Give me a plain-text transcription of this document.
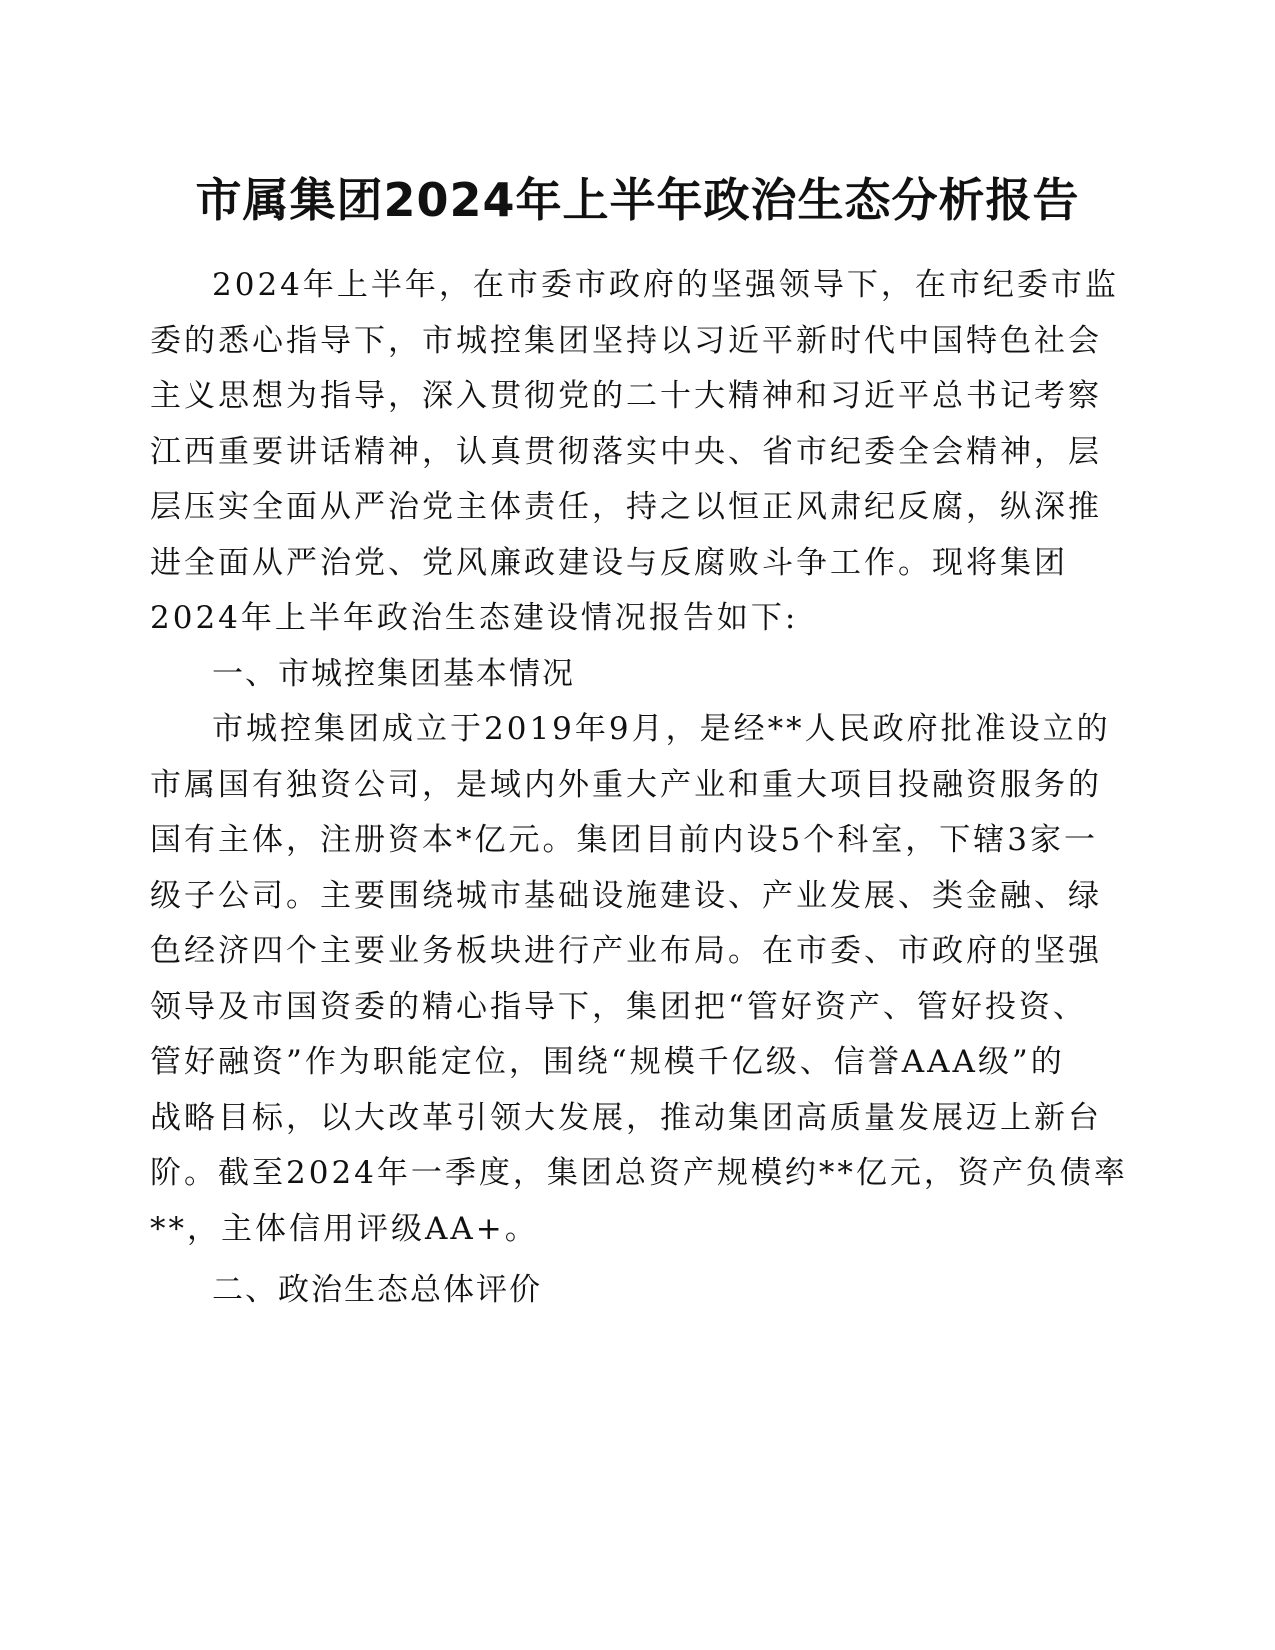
市属集团2024年上半年政治生态分析报告

2024年上半年，在市委市政府的坚强领导下，在市纪委市监

委的悉心指导下，市城控集团坚持以习近平新时代中国特色社会

主义思想为指导，深入贯彻党的二十大精神和习近平总书记考察

江西重要讲话精神，认真贯彻落实中央、省市纪委全会精神，层

层压实全面从严治党主体责任，持之以恒正风肃纪反腐，纵深推

进全面从严治党、党风廉政建设与反腐败斗争工作。现将集团

2024年上半年政治生态建设情况报告如下:

一、市城控集团基本情况

市城控集团成立于2019年9月，是经**人民政府批准设立的

市属国有独资公司，是域内外重大产业和重大项目投融资服务的

国有主体，注册资本*亿元。集团目前内设5个科室，下辖3家一

级子公司。主要围绕城市基础设施建设、产业发展、类金融、绿

色经济四个主要业务板块进行产业布局。在市委、市政府的坚强

领导及市国资委的精心指导下，集团把“管好资产、管好投资、

管好融资”作为职能定位，围绕“规模千亿级、信誉AAA级”的

战略目标，以大改革引领大发展，推动集团高质量发展迈上新台

阶。截至2024年一季度，集团总资产规模约**亿元，资产负债率

**，主体信用评级AA+。

二、政治生态总体评价
